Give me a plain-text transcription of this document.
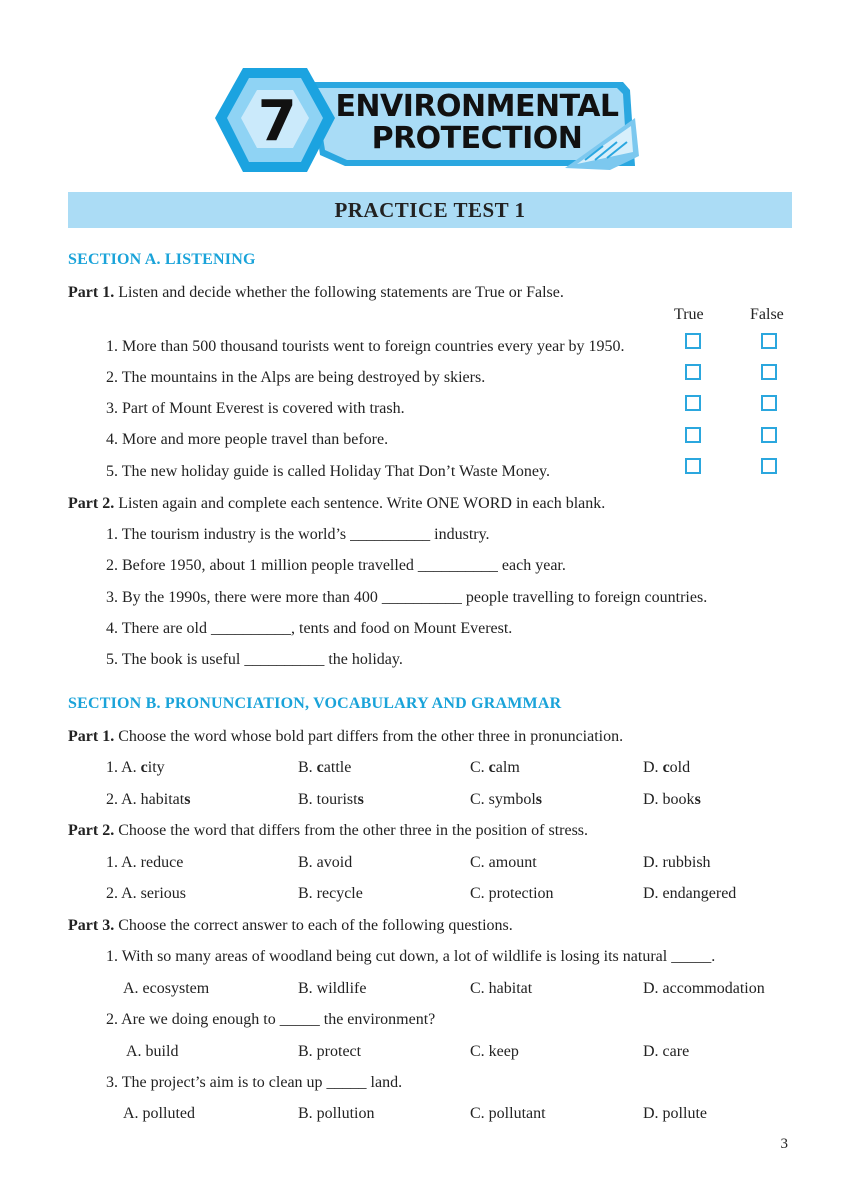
7 ENVIRONMENTAL
PROTECTION
PRACTICE TEST 1
SECTION A. LISTENING
Part 1. Listen and decide whether the following statements are True or False.
True	False
1. More than 500 thousand tourists went to foreign countries every year by 1950.
2. The mountains in the Alps are being destroyed by skiers.
3. Part of Mount Everest is covered with trash.
4. More and more people travel than before.
5. The new holiday guide is called Holiday That Don’t Waste Money.
Part 2. Listen again and complete each sentence. Write ONE WORD in each blank.
1. The tourism industry is the world’s __________ industry.
2. Before 1950, about 1 million people travelled __________ each year.
3. By the 1990s, there were more than 400 __________ people travelling to foreign countries.
4. There are old __________, tents and food on Mount Everest.
5. The book is useful __________ the holiday.
SECTION B. PRONUNCIATION, VOCABULARY AND GRAMMAR
Part 1. Choose the word whose bold part differs from the other three in pronunciation.
1. A. city	B. cattle	C. calm	D. cold
2. A. habitats	B. tourists	C. symbols	D. books
Part 2. Choose the word that differs from the other three in the position of stress.
1. A. reduce	B. avoid	C. amount	D. rubbish
2. A. serious	B. recycle	C. protection	D. endangered
Part 3. Choose the correct answer to each of the following questions.
1. With so many areas of woodland being cut down, a lot of wildlife is losing its natural _____.
A. ecosystem	B. wildlife	C. habitat	D. accommodation
2. Are we doing enough to _____ the environment?
A. build	B. protect	C. keep	D. care
3. The project’s aim is to clean up _____ land.
A. polluted	B. pollution	C. pollutant	D. pollute
3
